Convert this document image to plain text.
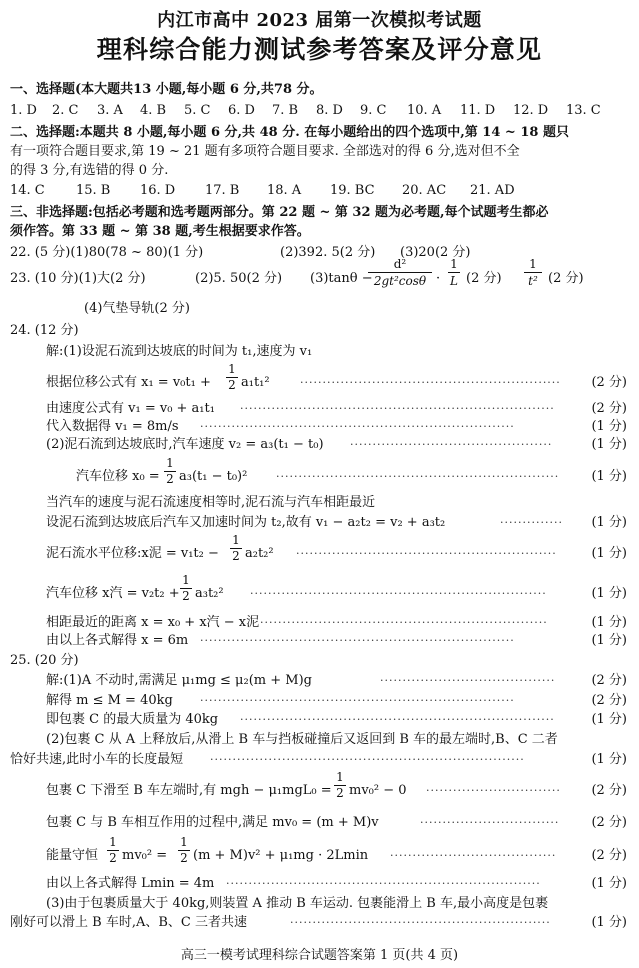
内江市高中 2023 届第一次模拟考试题
理科综合能力测试参考答案及评分意见
一、选择题(本大题共13 小题,每小题 6 分,共78 分。
1. D 2. C 3. A 4. B 5. C 6. D 7. B 8. D 9. C 10. A 11. D 12. D 13. C
二、选择题:本题共 8 小题,每小题 6 分,共 48 分. 在每小题给出的四个选项中,第 14 ~ 18 题只
有一项符合题目要求,第 19 ~ 21 题有多项符合题目要求. 全部选对的得 6 分,选对但不全
的得 3 分,有选错的得 0 分.
14. C 15. B 16. D 17. B 18. A 19. BC 20. AC 21. AD
三、非选择题:包括必考题和选考题两部分。第 22 题 ~ 第 32 题为必考题,每个试题考生都必
须作答。第 33 题 ~ 第 38 题,考生根据要求作答。
22. (5 分)(1)80(78 ~ 80)(1 分)	(2)392. 5(2 分) (3)20(2 分)
23. (10 分)(1)大(2 分)	(2)5. 50(2 分) (3)tanθ −
d²
2gt²cosθ ·
1
L (2 分)
1
t² (2 分)
(4)气垫导轨(2 分)
24. (12 分)
解:(1)设泥石流到达坡底的时间为 t₁,速度为 v₁
根据位移公式有 x₁ = v₀t₁ +
1
2 a₁t₁²	··························································	(2 分)
由速度公式有 v₁ = v₀ + a₁t₁ ······································································	(2 分)
代入数据得 v₁ = 8m/s ······································································	(1 分)
(2)泥石流到达坡底时,汽车速度 v₂ = a₃(t₁ − t₀) ·············································	(1 分)
汽车位移 x₀ =
1
2 a₃(t₁ − t₀)²	·······························································	(1 分)
当汽车的速度与泥石流速度相等时,泥石流与汽车相距最近
设泥石流到达坡底后汽车又加速时间为 t₂,故有 v₁ − a₂t₂ = v₂ + a₃t₂	··············	(1 分)
泥石流水平位移:x泥 = v₁t₂ −
1
2 a₂t₂² ··························································	(1 分)
汽车位移 x汽 = v₂t₂ +
1
2 a₃t₂² ··································································	(1 分)
相距最近的距离 x = x₀ + x汽 − x泥 ································································	(1 分)
由以上各式解得 x = 6m ······································································	(1 分)
25. (20 分)
解:(1)A 不动时,需满足 μ₁mg ≤ μ₂(m + M)g	·······································	(2 分)
解得 m ≤ M = 40kg ······································································	(2 分)
即包裹 C 的最大质量为 40kg ······································································	(1 分)
(2)包裹 C 从 A 上释放后,从滑上 B 车与挡板碰撞后又返回到 B 车的最左端时,B、C 二者
恰好共速,此时小车的长度最短 ······································································	(1 分)
包裹 C 下滑至 B 车左端时,有 mgh − μ₁mgL₀ =
1
2 mv₀² − 0 ······························	(2 分)
包裹 C 与 B 车相互作用的过程中,满足 mv₀ = (m + M)v	·······························	(2 分)
能量守恒
1
2 mv₀² =
1
2 (m + M)v² + μ₁mg · 2Lmin ·····································	(2 分)
由以上各式解得 Lmin = 4m ······································································	(1 分)
(3)由于包裹质量大于 40kg,则装置 A 推动 B 车运动. 包裹能滑上 B 车,最小高度是包裹
刚好可以滑上 B 车时,A、B、C 三者共速	··························································	(1 分)
高三一模考试理科综合试题答案第 1 页(共 4 页)
